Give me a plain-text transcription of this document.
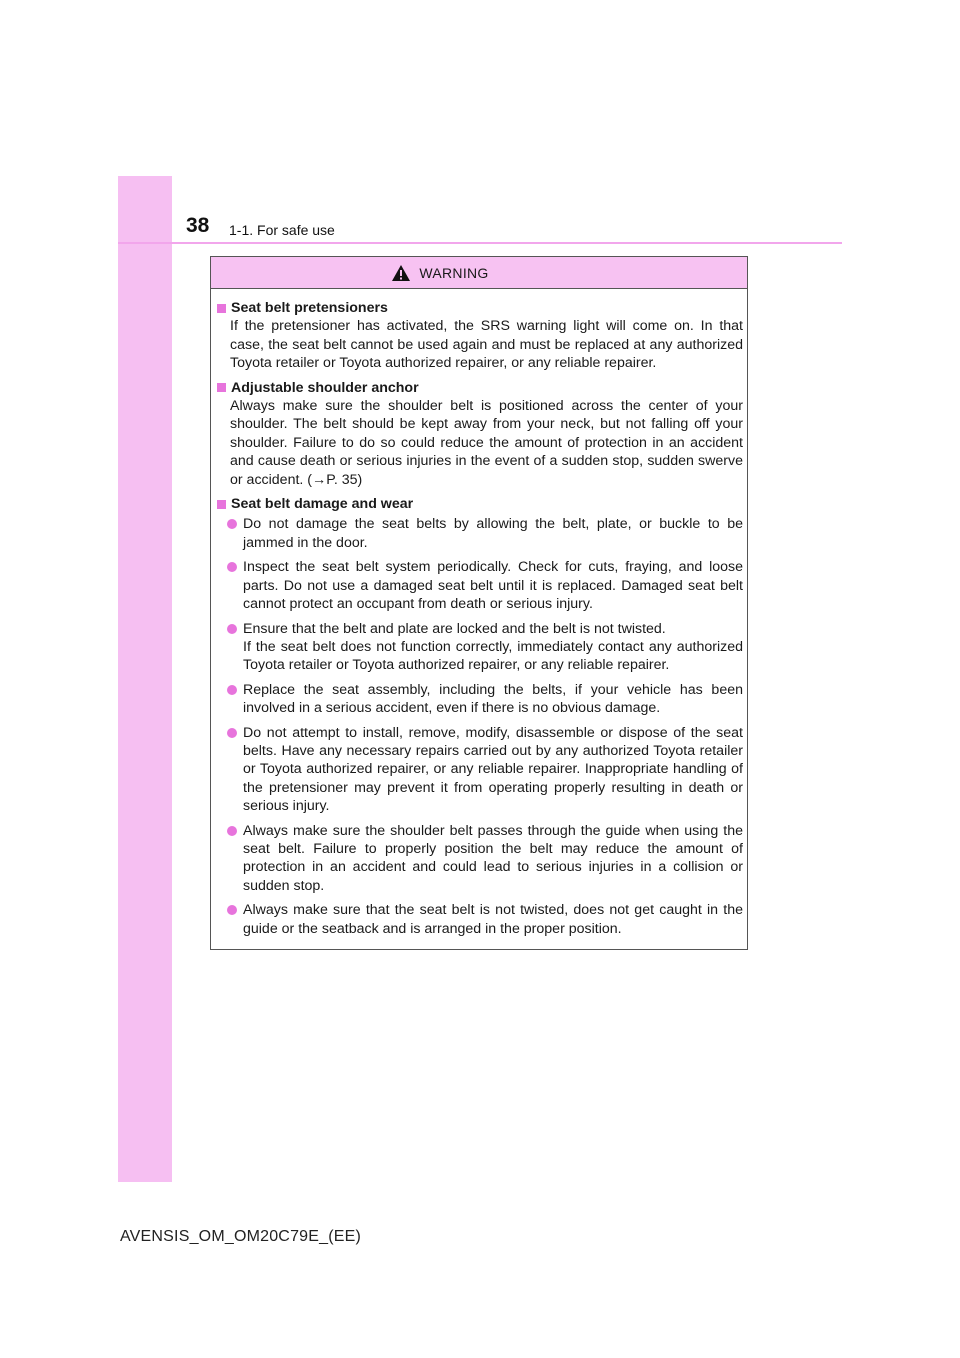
38 1-1. For safe use
WARNING
Seat belt pretensioners

If the pretensioner has activated, the SRS warning light will come on. In that case, the seat belt cannot be used again and must be replaced at any authorized Toyota retailer or Toyota authorized repairer, or any reliable repairer.

Adjustable shoulder anchor

Always make sure the shoulder belt is positioned across the center of your shoulder. The belt should be kept away from your neck, but not falling off your shoulder. Failure to do so could reduce the amount of protection in an accident and cause death or serious injuries in the event of a sudden stop, sudden swerve or accident. (→P. 35)

Seat belt damage and wear

Do not damage the seat belts by allowing the belt, plate, or buckle to be jammed in the door.

Inspect the seat belt system periodically. Check for cuts, fraying, and loose parts. Do not use a damaged seat belt until it is replaced. Damaged seat belt cannot protect an occupant from death or serious injury.

Ensure that the belt and plate are locked and the belt is not twisted.

If the seat belt does not function correctly, immediately contact any authorized Toyota retailer or Toyota authorized repairer, or any reliable repairer.

Replace the seat assembly, including the belts, if your vehicle has been involved in a serious accident, even if there is no obvious damage.

Do not attempt to install, remove, modify, disassemble or dispose of the seat belts. Have any necessary repairs carried out by any authorized Toyota retailer or Toyota authorized repairer, or any reliable repairer. Inappropriate handling of the pretensioner may prevent it from operating properly resulting in death or serious injury.

Always make sure the shoulder belt passes through the guide when using the seat belt. Failure to properly position the belt may reduce the amount of protection in an accident and could lead to serious injuries in a collision or sudden stop.

Always make sure that the seat belt is not twisted, does not get caught in the guide or the seatback and is arranged in the proper position.

AVENSIS_OM_OM20C79E_(EE)
